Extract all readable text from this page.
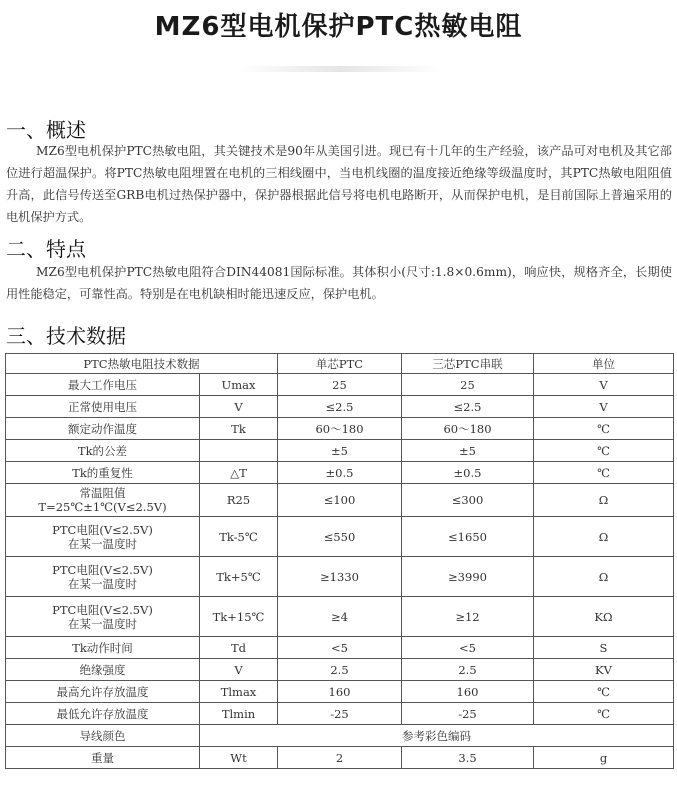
MZ6型电机保护PTC热敏电阻
一、概述
MZ6型电机保护PTC热敏电阻，其关键技术是90年从美国引进。现已有十几年的生产经验，该产品可对电机及其它部位进行超温保护。将PTC热敏电阻埋置在电机的三相线圈中，当电机线圈的温度接近绝缘等级温度时，其PTC热敏电阻阻值升高，此信号传送至GRB电机过热保护器中，保护器根据此信号将电机电路断开，从而保护电机，是目前国际上普遍采用的电机保护方式。
二、特点
MZ6型电机保护PTC热敏电阻符合DIN44081国际标准。其体积小(尺寸:1.8×0.6mm)，响应快，规格齐全，长期使用性能稳定，可靠性高。特别是在电机缺相时能迅速反应，保护电机。
三、技术数据
PTC热敏电阻技术数据		单芯PTC	三芯PTC串联	单位
最大工作电压	Umax	25	25	V
正常使用电压	V	≤2.5	≤2.5	V
额定动作温度	Tk	60～180	60～180	℃
Tk的公差		±5	±5	℃
Tk的重复性	△T	±0.5	±0.5	℃

常温阻值
T=25℃±1℃(V≤2.5V)	R25	≤100	≤300	Ω

PTC电阻(V≤2.5V)
在某一温度时	Tk-5℃	≤550	≤1650	Ω

PTC电阻(V≤2.5V)
在某一温度时	Tk+5℃	≥1330	≥3990	Ω

PTC电阻(V≤2.5V)
在某一温度时	Tk+15℃	≥4	≥12	KΩ
Tk动作时间	Td	<5	<5	S
绝缘强度	V	2.5	2.5	KV
最高允许存放温度	Tlmax	160	160	℃
最低允许存放温度	Tlmin	-25	-25	℃
导线颜色	参考彩色编码			
重量	Wt	2	3.5	g
